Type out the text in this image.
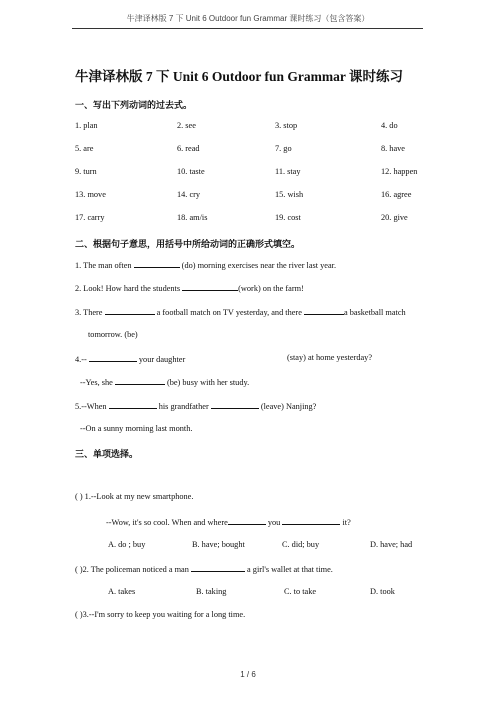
牛津译林版 7 下 Unit 6 Outdoor fun Grammar 课时练习（包含答案）
牛津译林版 7 下 Unit 6 Outdoor fun Grammar 课时练习
一、写出下列动词的过去式。
1. plan	2. see	3. stop	4. do
5. are	6. read	7. go	8. have
9. turn	10. taste	11. stay	12. happen
13. move	14. cry	15. wish	16. agree
17. carry	18. am/is	19. cost	20. give
二、根据句子意思，用括号中所给动词的正确形式填空。
1. The man often	(do) morning exercises near the river last year.
2. Look! How hard the students	(work) on the farm!
3. There	a football match on TV yesterday, and there	a basketball match
tomorrow. (be)
4.--	your daughter	(stay) at home yesterday?
--Yes, she	(be) busy with her study.
5.--When	his grandfather	(leave) Nanjing?
--On a sunny morning last month.
三、单项选择。
( ) 1.--Look at my new smartphone.
--Wow, it's so cool. When and where	you	it?
A. do ; buy	B. have; bought	C. did; buy	D. have; had
( )2. The policeman noticed a man	a girl's wallet at that time.
A. takes	B. taking	C. to take	D. took
( )3.--I'm sorry to keep you waiting for a long time.
1 / 6
